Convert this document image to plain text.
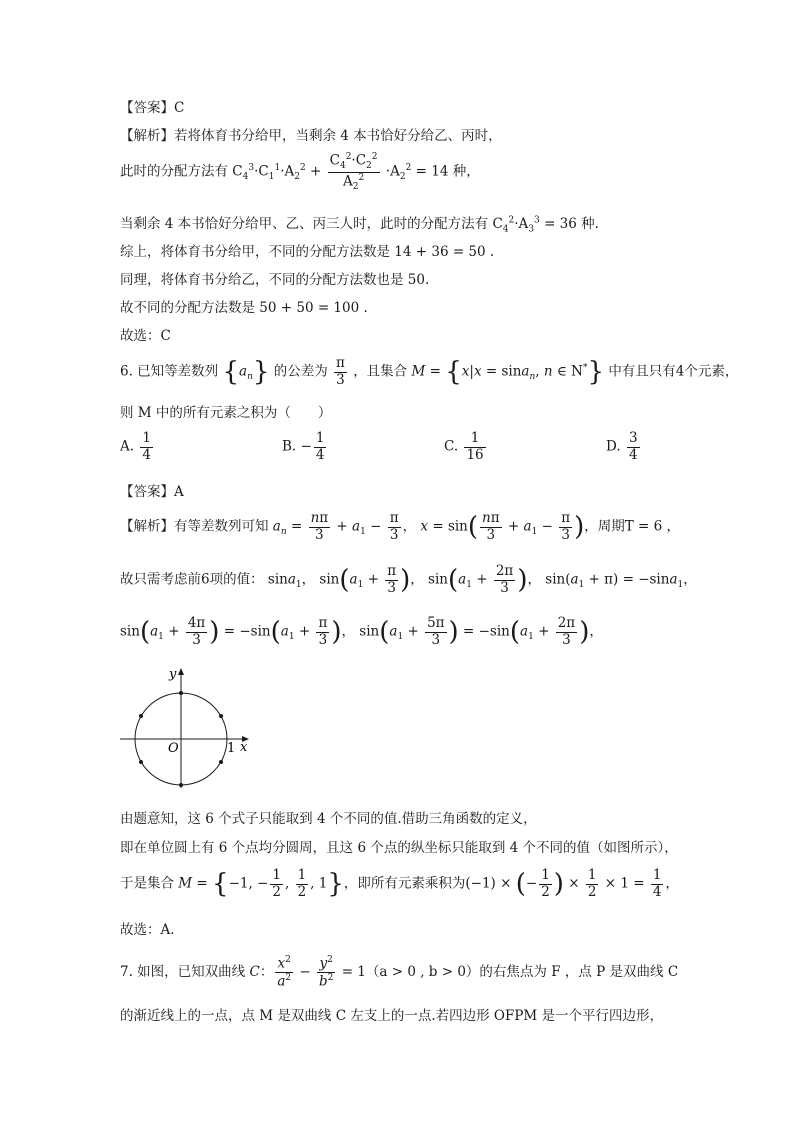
【答案】C
【解析】若将体育书分给甲，当剩余 4 本书恰好分给乙、丙时，
此时的分配方法有 $C_4^3\cdot C_1^1\cdot A_2^2 + \frac{C_4^2\cdot C_2^2}{A_2^2} \cdot A_2^2 = 14$ 种，
当剩余 4 本书恰好分给甲、乙、丙三人时，此时的分配方法有 $C_4^2\cdot A_3^3 = 36$ 种.
综上，将体育书分给甲，不同的分配方法数是 14 + 36 = 50 .
同理，将体育书分给乙，不同的分配方法数也是 50.
故不同的分配方法数是 50 + 50 = 100 .
故选：C
6. 已知等差数列 $\{a_n\}$ 的公差为 $\frac{\pi}{3}$ ，且集合 M = {x|x = sina$_n$, n ∈ N*} 中有且只有4个元素，
则 M 中的所有元素之积为（　　）
A. $\frac{1}{4}$	B. − $\frac{1}{4}$	C. $\frac{1}{16}$	D. $\frac{3}{4}$
【答案】A
【解析】有等差数列可知 $a_n = \frac{n\pi}{3} + a_1 - \frac{\pi}{3}$ ， $x = \sin( \frac{n\pi}{3} + a_1 - \frac{\pi}{3}$ )，周期T = 6 ，
故只需考虑前6项的值： sina$_1$， $\sin(a_1 + \frac{\pi}{3}$ )， $\sin(a_1 + \frac{2\pi}{3}$ )， $\sin(a_1 + \pi) = -\sin a_1$，
$\sin(a_1 + \frac{4\pi}{3}$ ) = $-\sin(a_1 + \frac{\pi}{3}$ )， $\sin(a_1 + \frac{5\pi}{3}$ ) = $-\sin(a_1 + \frac{2\pi}{3}$ )，
y
x
O	1
由题意知，这 6 个式子只能取到 4 个不同的值.借助三角函数的定义，
即在单位圆上有 6 个点均分圆周，且这 6 个点的纵坐标只能取到 4 个不同的值（如图所示），
于是集合 M = {−1, − $\frac{1}{2}$ , $\frac{1}{2}$ , 1}，即所有元素乘积为(−1) × (− $\frac{1}{2}$ ) × $\frac{1}{2} \times 1 = \frac{1}{4}$ ，
故选：A.
7. 如图，已知双曲线 C： $\frac{x^2}{a^2} - \frac{y^2}{b^2} = 1(a > 0$ , b > 0）的右焦点为 F ，点 P 是双曲线 C
的渐近线上的一点，点 M 是双曲线 C 左支上的一点.若四边形 OFPM 是一个平行四边形，
